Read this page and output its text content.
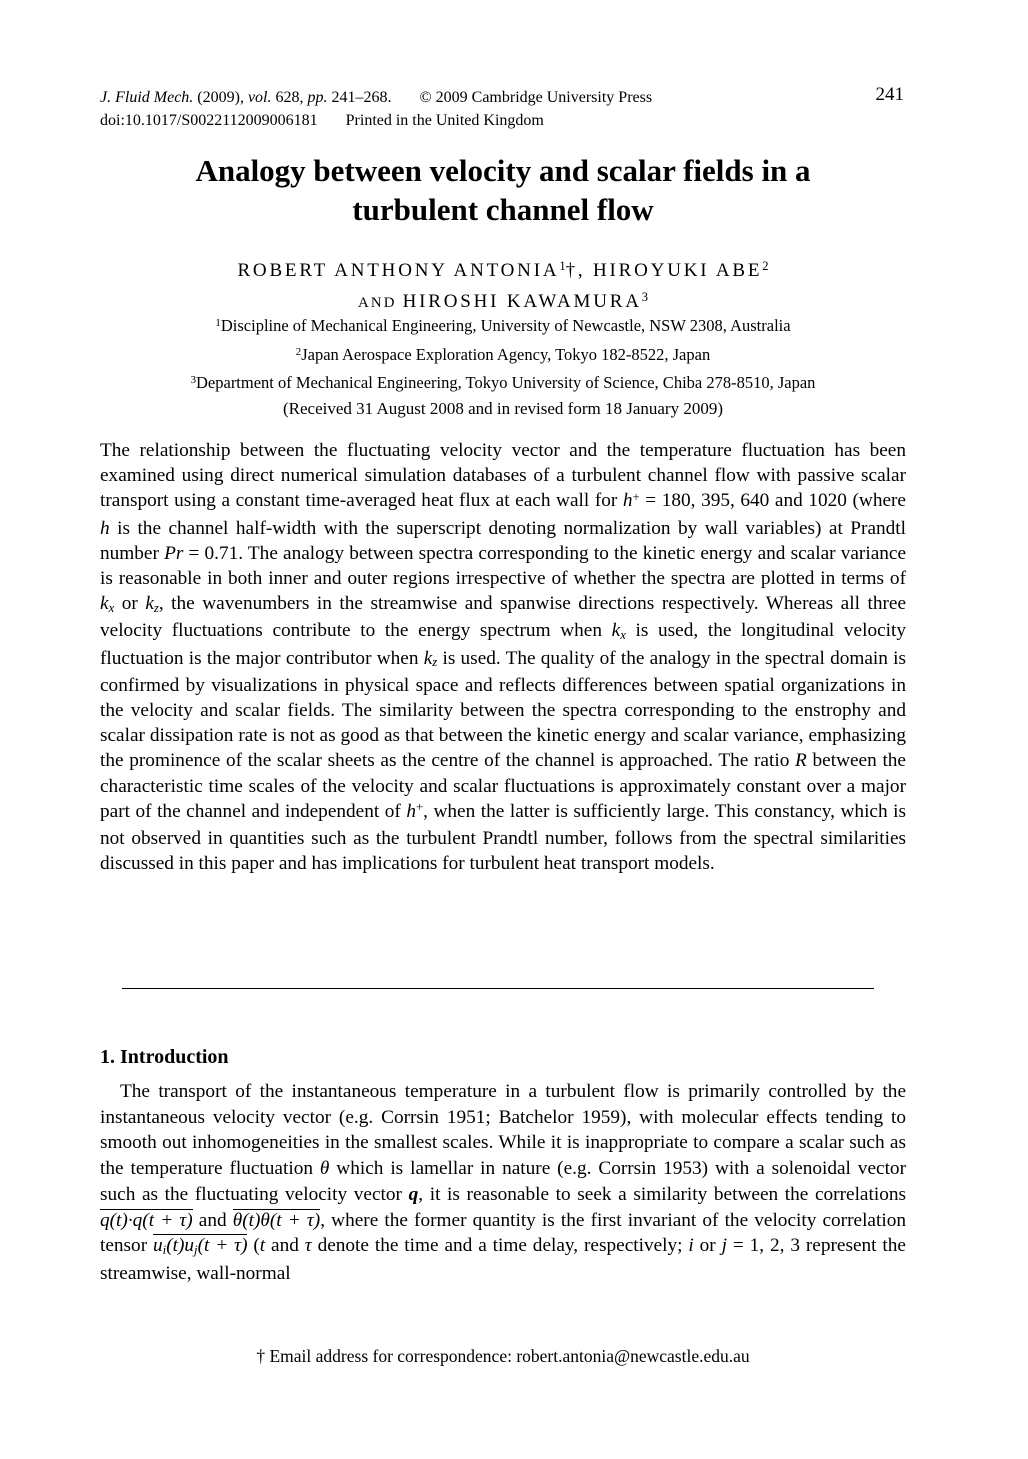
J. Fluid Mech. (2009), vol. 628, pp. 241–268. © 2009 Cambridge University Press
doi:10.1017/S0022112009006181 Printed in the United Kingdom
241
Analogy between velocity and scalar fields in a
turbulent channel flow
ROBERT ANTHONY ANTONIA$^1$†, HIROYUKI ABE$^2$
AND HIROSHI KAWAMURA$^3$
$^1$Discipline of Mechanical Engineering, University of Newcastle, NSW 2308, Australia
$^2$Japan Aerospace Exploration Agency, Tokyo 182-8522, Japan
$^3$Department of Mechanical Engineering, Tokyo University of Science, Chiba 278-8510, Japan
(Received 31 August 2008 and in revised form 18 January 2009)

The relationship between the fluctuating velocity vector and the temperature fluctuation has been examined using direct numerical simulation databases of a turbulent channel flow with passive scalar transport using a constant time-averaged heat flux at each wall for h+ = 180, 395, 640 and 1020 (where h is the channel half-width with the superscript denoting normalization by wall variables) at Prandtl number Pr = 0.71. The analogy between spectra corresponding to the kinetic energy and scalar variance is reasonable in both inner and outer regions irrespective of whether the spectra are plotted in terms of kx or kz, the wavenumbers in the streamwise and spanwise directions respectively. Whereas all three velocity fluctuations contribute to the energy spectrum when kx is used, the longitudinal velocity fluctuation is the major contributor when kz is used. The quality of the analogy in the spectral domain is confirmed by visualizations in physical space and reflects differences between spatial organizations in the velocity and scalar fields. The similarity between the spectra corresponding to the enstrophy and scalar dissipation rate is not as good as that between the kinetic energy and scalar variance, emphasizing the prominence of the scalar sheets as the centre of the channel is approached. The ratio R between the characteristic time scales of the velocity and scalar fluctuations is approximately constant over a major part of the channel and independent of h+, when the latter is sufficiently large. This constancy, which is not observed in quantities such as the turbulent Prandtl number, follows from the spectral similarities discussed in this paper and has implications for turbulent heat transport models.

1. Introduction

The transport of the instantaneous temperature in a turbulent flow is primarily controlled by the instantaneous velocity vector (e.g. Corrsin 1951; Batchelor 1959), with molecular effects tending to smooth out inhomogeneities in the smallest scales. While it is inappropriate to compare a scalar such as the temperature fluctuation θ which is lamellar in nature (e.g. Corrsin 1953) with a solenoidal vector such as the fluctuating velocity vector q, it is reasonable to seek a similarity between the correlations q(t)·q(t + τ) and θ(t)θ(t + τ), where the former quantity is the first invariant of the velocity correlation tensor ui(t)uj(t + τ) (t and τ denote the time and a time delay, respectively; i or j = 1, 2, 3 represent the streamwise, wall-normal

† Email address for correspondence: robert.antonia@newcastle.edu.au
